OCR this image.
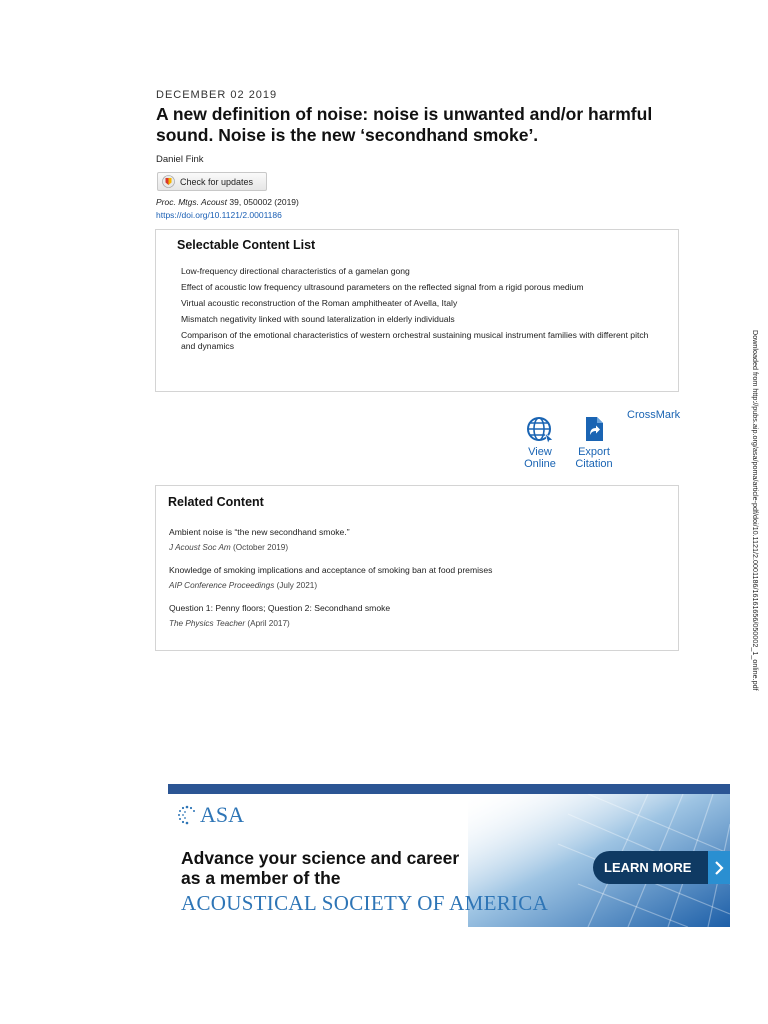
DECEMBER 02 2019
A new definition of noise: noise is unwanted and/or harmful sound. Noise is the new ‘secondhand smoke’.
Daniel Fink
Check for updates
Proc. Mtgs. Acoust 39, 050002 (2019)
https://doi.org/10.1121/2.0001186
Selectable Content List
Low-frequency directional characteristics of a gamelan gong
Effect of acoustic low frequency ultrasound parameters on the reflected signal from a rigid porous medium
Virtual acoustic reconstruction of the Roman amphitheater of Avella, Italy
Mismatch negativity linked with sound lateralization in elderly individuals
Comparison of the emotional characteristics of western orchestral sustaining musical instrument families with different pitch and dynamics
View
Online
Export
Citation
CrossMark
Related Content
Ambient noise is “the new secondhand smoke.”
J Acoust Soc Am (October 2019)
Knowledge of smoking implications and acceptance of smoking ban at food premises
AIP Conference Proceedings (July 2021)
Question 1: Penny floors; Question 2: Secondhand smoke
The Physics Teacher (April 2017)	Downloaded from http://pubs.aip.org/asa/poma/article-pdf/doi/10.1121/2.0001186/16161656/050002_1_online.pdf
ASA
Advance your science and career
as a member of the
ACOUSTICAL SOCIETY OF AMERICA
LEARN MORE
